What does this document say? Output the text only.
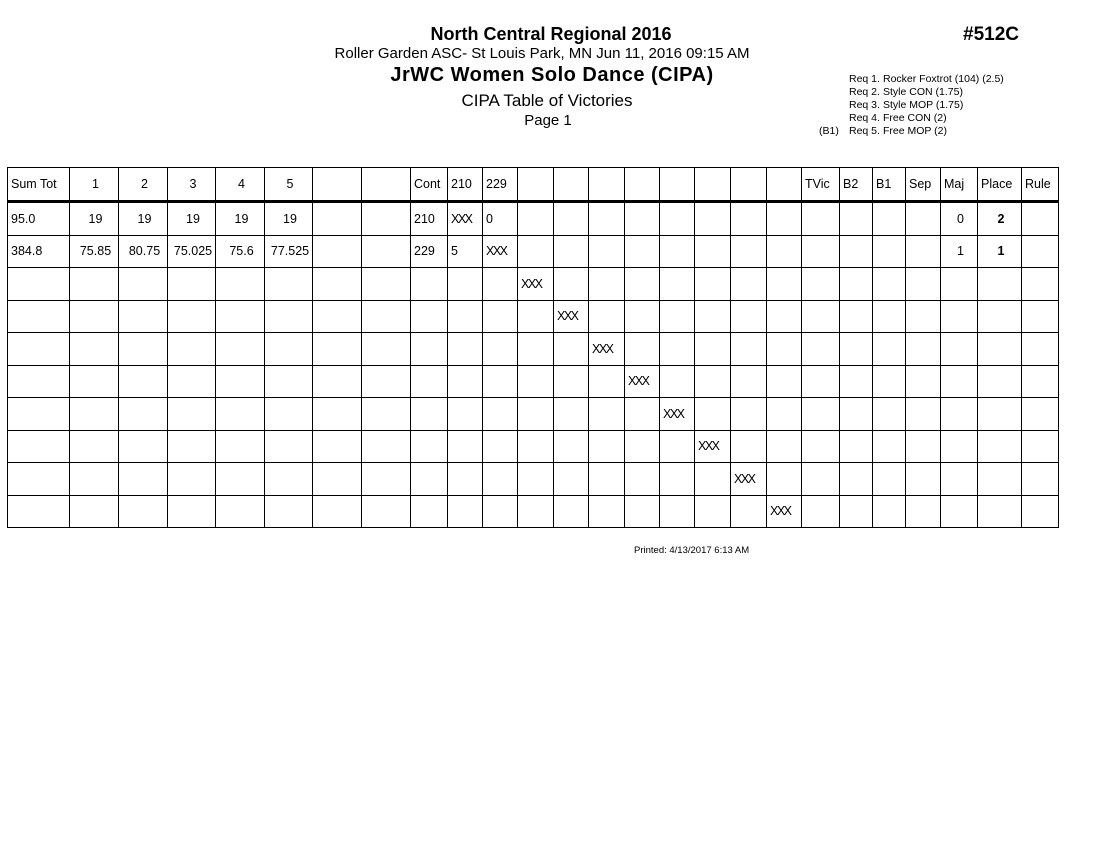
North Central Regional 2016
Roller Garden ASC- St Louis Park, MN Jun 11, 2016 09:15 AM
JrWC Women Solo Dance (CIPA)
CIPA Table of Victories
Page 1
#512C
Req 1. Rocker Foxtrot (104) (2.5)
Req 2. Style CON (1.75)
Req 3. Style MOP (1.75)
Req 4. Free CON (2)
(B1) Req 5. Free MOP (2)
Sum Tot	1	2	3	4	5			Cont	210	229									TVic	B2	B1	Sep	Maj	Place	Rule
95.0	19	19	19	19	19			210	XXX	0													0	2	
384.8	75.85	80.75	75.025	75.6	77.525			229	5	XXX													1	1	
											XXX														
												XXX													
													XXX												
														XXX											
															XXX										
																XXX									
																	XXX								
																		XXX							
Printed: 4/13/2017 6:13 AM
